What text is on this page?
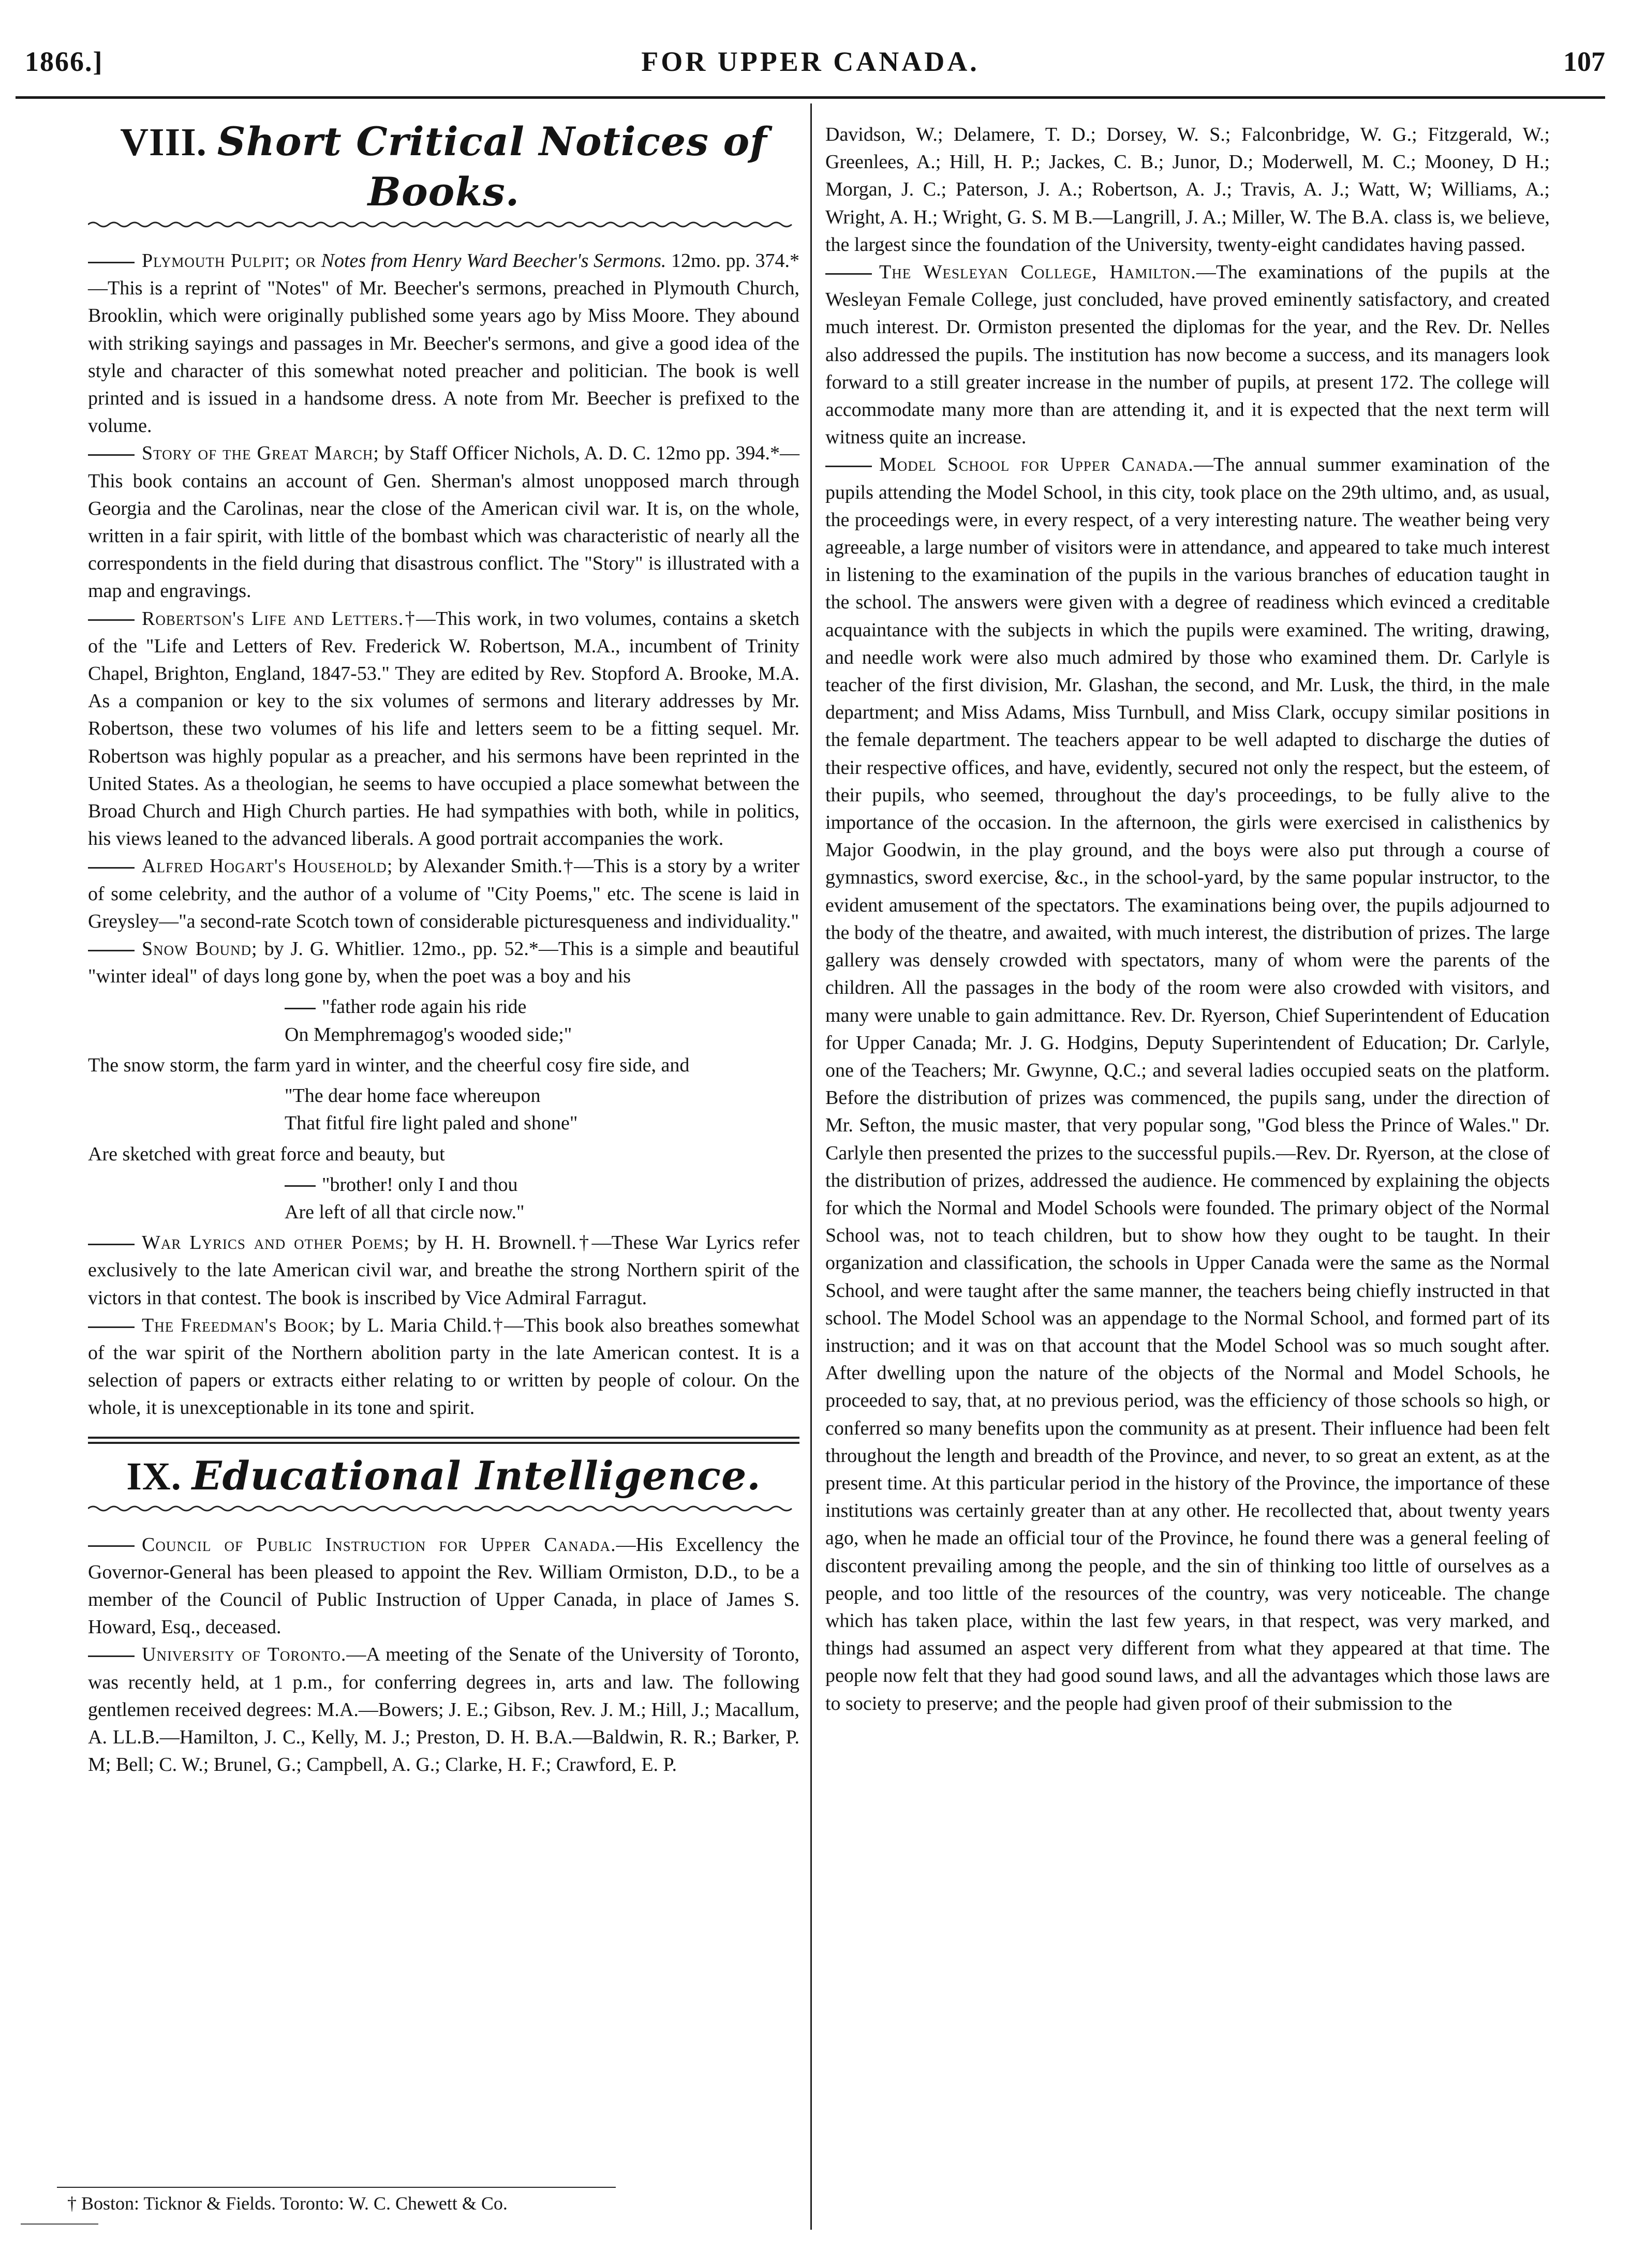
1866.]	FOR UPPER CANADA.	107
VIII. Short Critical Notices of Books.

Plymouth Pulpit; or Notes from Henry Ward Beecher's Sermons. 12mo. pp. 374.*—This is a reprint of "Notes" of Mr. Beecher's sermons, preached in Plymouth Church, Brooklin, which were originally published some years ago by Miss Moore. They abound with striking sayings and passages in Mr. Beecher's sermons, and give a good idea of the style and character of this somewhat noted preacher and politician. The book is well printed and is issued in a handsome dress. A note from Mr. Beecher is prefixed to the volume.

Story of the Great March; by Staff Officer Nichols, A. D. C. 12mo pp. 394.*—This book contains an account of Gen. Sherman's almost unopposed march through Georgia and the Carolinas, near the close of the American civil war. It is, on the whole, written in a fair spirit, with little of the bombast which was characteristic of nearly all the correspondents in the field during that disastrous conflict. The "Story" is illustrated with a map and engravings.

Robertson's Life and Letters.†—This work, in two volumes, contains a sketch of the "Life and Letters of Rev. Frederick W. Robertson, M.A., incumbent of Trinity Chapel, Brighton, England, 1847-53." They are edited by Rev. Stopford A. Brooke, M.A. As a companion or key to the six volumes of sermons and literary addresses by Mr. Robertson, these two volumes of his life and letters seem to be a fitting sequel. Mr. Robertson was highly popular as a preacher, and his sermons have been reprinted in the United States. As a theologian, he seems to have occupied a place somewhat between the Broad Church and High Church parties. He had sympathies with both, while in politics, his views leaned to the advanced liberals. A good portrait accompanies the work.

Alfred Hogart's Household; by Alexander Smith.†—This is a story by a writer of some celebrity, and the author of a volume of "City Poems," etc. The scene is laid in Greysley—"a second-rate Scotch town of considerable picturesqueness and individuality."

Snow Bound; by J. G. Whitlier. 12mo., pp. 52.*—This is a simple and beautiful "winter ideal" of days long gone by, when the poet was a boy and his

"father rode again his ride

On Memphremagog's wooded side;"

The snow storm, the farm yard in winter, and the cheerful cosy fire side, and

"The dear home face whereupon

That fitful fire light paled and shone"

Are sketched with great force and beauty, but

"brother! only I and thou

Are left of all that circle now."

War Lyrics and other Poems; by H. H. Brownell.†—These War Lyrics refer exclusively to the late American civil war, and breathe the strong Northern spirit of the victors in that contest. The book is inscribed by Vice Admiral Farragut.

The Freedman's Book; by L. Maria Child.†—This book also breathes somewhat of the war spirit of the Northern abolition party in the late American contest. It is a selection of papers or extracts either relating to or written by people of colour. On the whole, it is unexceptionable in its tone and spirit.

IX. Educational Intelligence.

Council of Public Instruction for Upper Canada.—His Excellency the Governor-General has been pleased to appoint the Rev. William Ormiston, D.D., to be a member of the Council of Public Instruction of Upper Canada, in place of James S. Howard, Esq., deceased.

University of Toronto.—A meeting of the Senate of the University of Toronto, was recently held, at 1 p.m., for conferring degrees in, arts and law. The following gentlemen received degrees: M.A.—Bowers; J. E.; Gibson, Rev. J. M.; Hill, J.; Macallum, A. LL.B.—Hamilton, J. C., Kelly, M. J.; Preston, D. H. B.A.—Baldwin, R. R.; Barker, P. M; Bell; C. W.; Brunel, G.; Campbell, A. G.; Clarke, H. F.; Crawford, E. P.

Davidson, W.; Delamere, T. D.; Dorsey, W. S.; Falconbridge, W. G.; Fitzgerald, W.; Greenlees, A.; Hill, H. P.; Jackes, C. B.; Junor, D.; Moderwell, M. C.; Mooney, D H.; Morgan, J. C.; Paterson, J. A.; Robertson, A. J.; Travis, A. J.; Watt, W; Williams, A.; Wright, A. H.; Wright, G. S. M B.—Langrill, J. A.; Miller, W. The B.A. class is, we believe, the largest since the foundation of the University, twenty-eight candidates having passed.

The Wesleyan College, Hamilton.—The examinations of the pupils at the Wesleyan Female College, just concluded, have proved eminently satisfactory, and created much interest. Dr. Ormiston presented the diplomas for the year, and the Rev. Dr. Nelles also addressed the pupils. The institution has now become a success, and its managers look forward to a still greater increase in the number of pupils, at present 172. The college will accommodate many more than are attending it, and it is expected that the next term will witness quite an increase.

Model School for Upper Canada.—The annual summer examination of the pupils attending the Model School, in this city, took place on the 29th ultimo, and, as usual, the proceedings were, in every respect, of a very interesting nature. The weather being very agreeable, a large number of visitors were in attendance, and appeared to take much interest in listening to the examination of the pupils in the various branches of education taught in the school. The answers were given with a degree of readiness which evinced a creditable acquaintance with the subjects in which the pupils were examined. The writing, drawing, and needle work were also much admired by those who examined them. Dr. Carlyle is teacher of the first division, Mr. Glashan, the second, and Mr. Lusk, the third, in the male department; and Miss Adams, Miss Turnbull, and Miss Clark, occupy similar positions in the female department. The teachers appear to be well adapted to discharge the duties of their respective offices, and have, evidently, secured not only the respect, but the esteem, of their pupils, who seemed, throughout the day's proceedings, to be fully alive to the importance of the occasion. In the afternoon, the girls were exercised in calisthenics by Major Goodwin, in the play ground, and the boys were also put through a course of gymnastics, sword exercise, &c., in the school-yard, by the same popular instructor, to the evident amusement of the spectators. The examinations being over, the pupils adjourned to the body of the theatre, and awaited, with much interest, the distribution of prizes. The large gallery was densely crowded with spectators, many of whom were the parents of the children. All the passages in the body of the room were also crowded with visitors, and many were unable to gain admittance. Rev. Dr. Ryerson, Chief Superintendent of Education for Upper Canada; Mr. J. G. Hodgins, Deputy Superintendent of Education; Dr. Carlyle, one of the Teachers; Mr. Gwynne, Q.C.; and several ladies occupied seats on the platform. Before the distribution of prizes was commenced, the pupils sang, under the direction of Mr. Sefton, the music master, that very popular song, "God bless the Prince of Wales." Dr. Carlyle then presented the prizes to the successful pupils.—Rev. Dr. Ryerson, at the close of the distribution of prizes, addressed the audience. He commenced by explaining the objects for which the Normal and Model Schools were founded. The primary object of the Normal School was, not to teach children, but to show how they ought to be taught. In their organization and classification, the schools in Upper Canada were the same as the Normal School, and were taught after the same manner, the teachers being chiefly instructed in that school. The Model School was an appendage to the Normal School, and formed part of its instruction; and it was on that account that the Model School was so much sought after. After dwelling upon the nature of the objects of the Normal and Model Schools, he proceeded to say, that, at no previous period, was the efficiency of those schools so high, or conferred so many benefits upon the community as at present. Their influence had been felt throughout the length and breadth of the Province, and never, to so great an extent, as at the present time. At this particular period in the history of the Province, the importance of these institutions was certainly greater than at any other. He recollected that, about twenty years ago, when he made an official tour of the Province, he found there was a general feeling of discontent prevailing among the people, and the sin of thinking too little of ourselves as a people, and too little of the resources of the country, was very noticeable. The change which has taken place, within the last few years, in that respect, was very marked, and things had assumed an aspect very different from what they appeared at that time. The people now felt that they had good sound laws, and all the advantages which those laws are to society to preserve; and the people had given proof of their submission to the

† Boston: Ticknor & Fields. Toronto: W. C. Chewett & Co.
